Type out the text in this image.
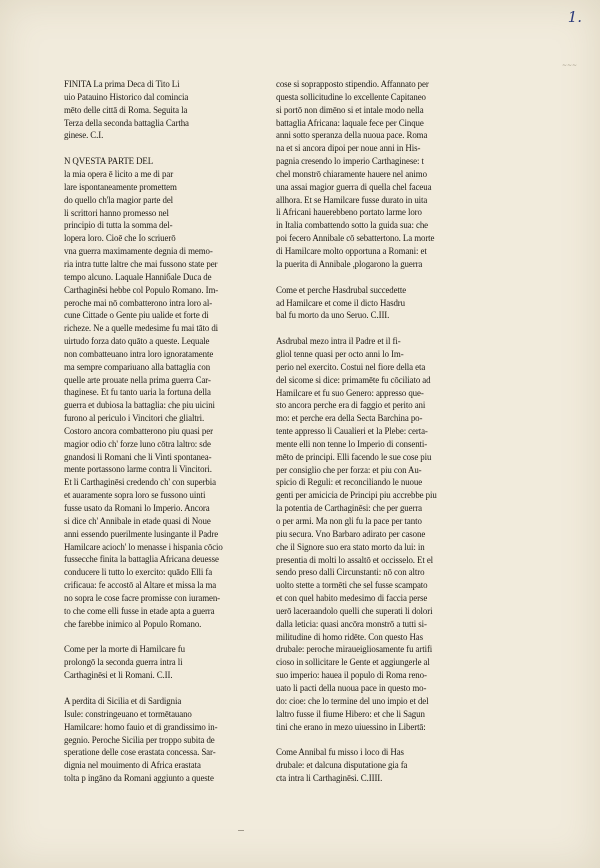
1.
FINITA La prima Deca di Tito Li
uio Patauino Historico dal comincia
mēto delle cittā di Roma. Seguita la
Terza della seconda battaglia Cartha
ginese. C.I.
N QVESTA PARTE DEL
la mia opera ē licito a me di par
lare ispontaneamente promettem
do quello ch'la magior parte del
li scrittori hanno promesso nel
principio di tutta la somma del-
lopera loro. Cioē che Io scriuerō
vna guerra maximamente degnia di memo-
ria intra tutte laltre che mai fussono state per
tempo alcuno. Laquale Hanniбale Duca de
Carthaginēsi hebbe col Populo Romano. Im-
peroche mai nō combatterono intra loro al-
cune Cittade o Gente piu ualide et forte di
richeze. Ne a quelle medesime fu mai tāto di
uirtudo forza dato quāto a queste. Lequale
non combatteuano intra loro ignoratamente
ma sempre compariuano alla battaglia con
quelle arte prouate nella prima guerra Car-
thaginese. Et fu tanto uaria la fortuna della
guerra et dubiosa la battaglia: che piu uicini
furono al periculo i Vincitori che glialtri.
Costoro ancora combatterono piu quasi per
magior odio ch' forze luno cōtra laltro: sde
gnandosi li Romani che li Vinti spontanea-
mente portassono larme contra li Vincitori.
Et li Carthaginēsi credendo ch' con superbia
et auaramente sopra loro se fussono uinti
fusse usato da Romani lo Imperio. Ancora
si dice ch' Annibale in etade quasi di Noue
anni essendo puerilmente lusingante il Padre
Hamilcare acioch' lo menasse i hispania cōcio
fussecche finita la battaglia Africana deuesse
conducere li tutto lo exercito: quādo Elli fa
crificaua: fe accostō al Altare et missa la ma
no sopra le cose facre promisse con iuramen-
to che come elli fusse in etade apta a guerra
che farebbe inimico al Populo Romano.
Come per la morte di Hamilcare fu
prolongō la seconda guerra intra li
Carthaginēsi et li Romani. C.II.
A perdita di Sicilia et di Sardignia
Isule: constringeuano et tormētauano
Hamilcare: homo fauio et di grandissimo in-
gegnio. Peroche Sicilia per troppo subita de
speratione delle cose erastata concessa. Sar-
dignia nel mouimento di Africa erastata
tolta p ingāno da Romani aggiunto a queste
cose si soprapposto stipendio. Affannato per
questa sollicitudine lo excellente Capitaneo
si portō non dimēno si et intale modo nella
battaglia Africana: laquale fece per Cinque
anni sotto speranza della nuoua pace. Roma
na et si ancora dipoi per noue anni in His-
pagnia cresendo lo imperio Carthaginese: t
chel monstrō chiaramente hauere nel animo
una assai magior guerra di quella chel faceua
allhora. Et se Hamilcare fusse durato in uita
li Africani hauerebbeno portato larme loro
in Italia combattendo sotto la guida sua: che
poi fecero Annibale cō sebattertono. La morte
di Hamilcare molto opportuna a Romani: et
la puerita di Annibale ,plogarono la guerra
Come et perche Hasdrubal succedette
ad Hamilcare et come il dicto Hasdru
bal fu morto da uno Seruo. C.III.
Asdrubal mezo intra il Padre et il fi-
gliol tenne quasi per octo anni lo Im-
perio nel exercito. Costui nel fiore della eta
del sicome si dice: primamēte fu cōciliato ad
Hamilcare et fu suo Genero: appresso que-
sto ancora perche era di faggio et perito ani
mo: et perche era della Secta Barchina po-
tente appresso li Caualieri et la Plebe: certa-
mente elli non tenne lo Imperio di consenti-
mēto de principi. Elli facendo le sue cose piu
per consiglio che per forza: et piu con Au-
spicio di Reguli: et reconciliando le nuoue
genti per amicicia de Principi piu accrebbe piu
la potentia de Carthaginēsi: che per guerra
o per armi. Ma non gli fu la pace per tanto
piu secura. Vno Barbaro adirato per casone
che il Signore suo era stato morto da lui: in
presentia di molti lo assaltō et occisselo. Et el
sendo preso dalli Circunstanti: nō con altro
uolto stette a tormēti che sel fusse scampato
et con quel habito medesimo di faccia perse
uerō laceraandolo quelli che superati li dolori
dalla leticia: quasi ancōra monstrō a tutti si-
militudine di homo ridēte. Con questo Has
drubale: peroche miraueigliosamente fu artifi
cioso in sollicitare le Gente et aggiungerle al
suo imperio: hauea il populo di Roma reno-
uato li pacti della nuoua pace in questo mo-
do: cioe: che lo termine del uno impio et del
laltro fusse il fiume Hibero: et che li Sagun
tini che erano in mezo uiuessino in Libertā:
Come Annibal fu misso i loco di Has
drubale: et dalcuna disputatione gia fa
cta intra li Carthaginēsi. C.IIII.
~~~
